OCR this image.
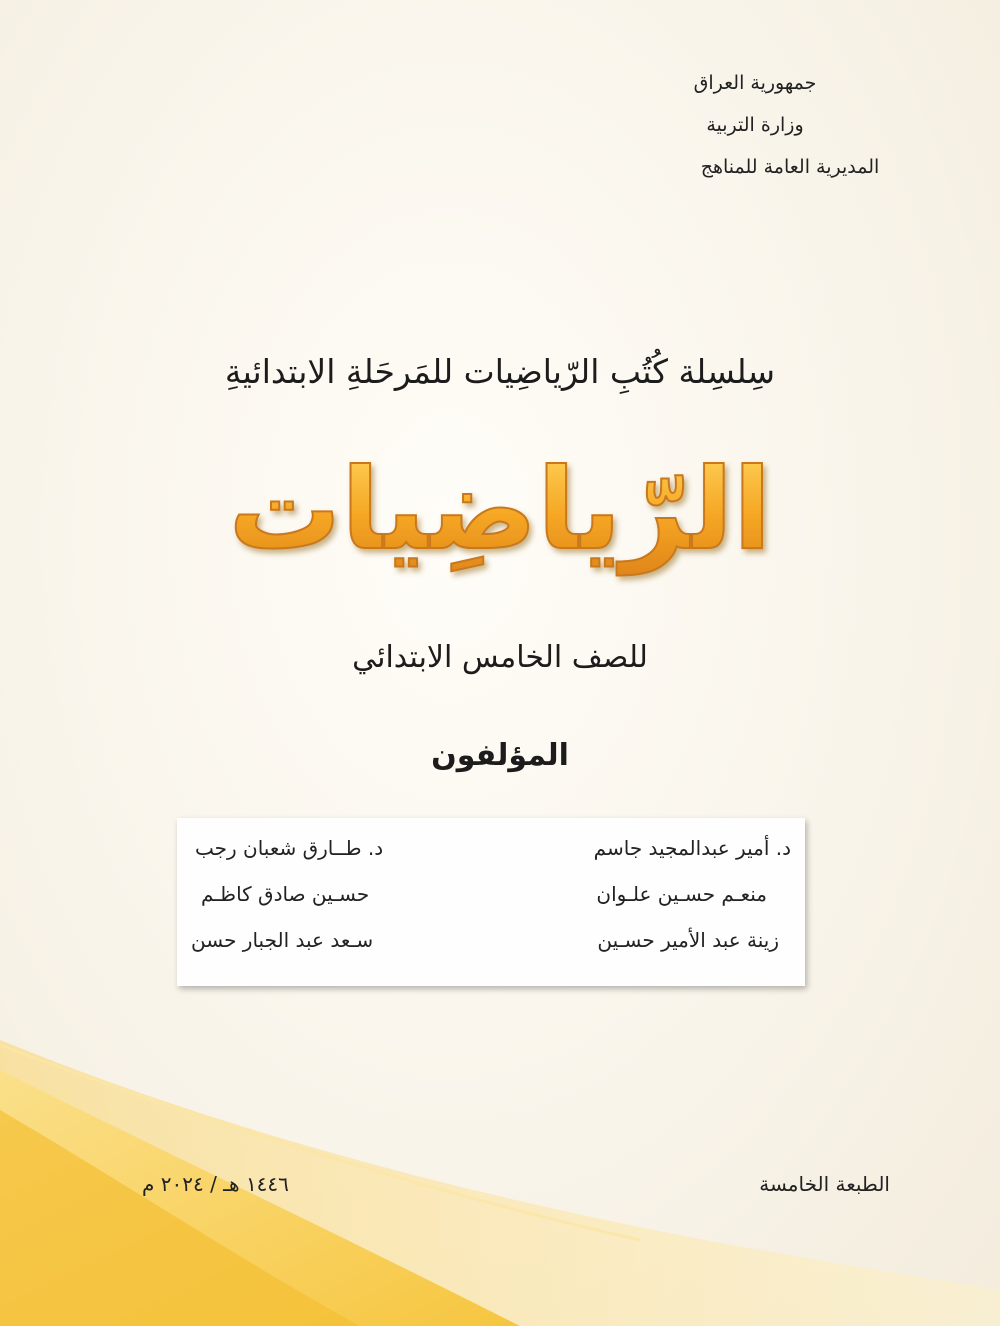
جمهورية العراق
وزارة التربية
المديرية العامة للمناهج
سِلسِلة كُتُبِ الرّياضِيات للمَرحَلةِ الابتدائيةِ
الرّياضِيات
للصف الخامس الابتدائي
المؤلفون
د. أمير عبدالمجيد جاسم
منعـم حسـين علـوان
زينة عبد الأمير حسـين
د. طــارق شعبان رجب
حسـين صادق كاظـم
سـعد عبد الجبار حسن
الطبعة الخامسة
١٤٤٦ هـ / ٢٠٢٤ م
